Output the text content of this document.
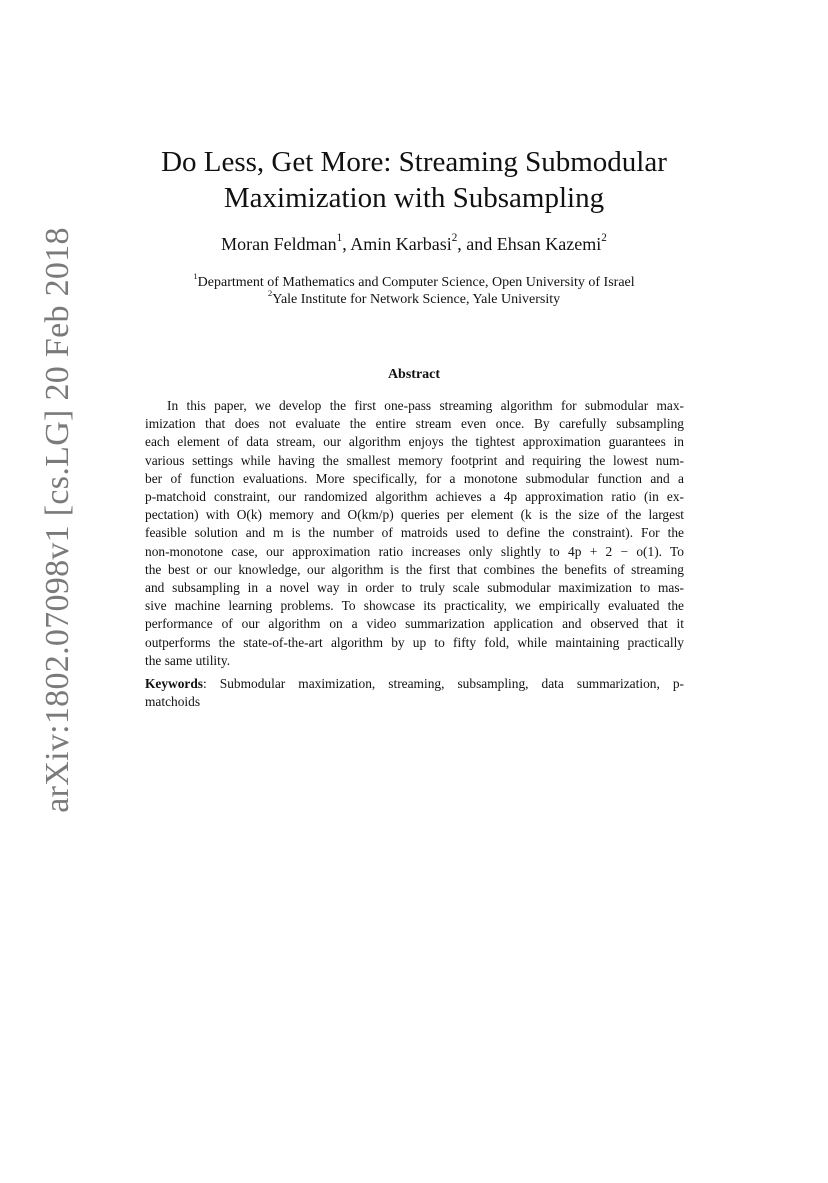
arXiv:1802.07098v1 [cs.LG] 20 Feb 2018
Do Less, Get More: Streaming Submodular
Maximization with Subsampling
Moran Feldman$^1$, Amin Karbasi$^2$, and Ehsan Kazemi$^2$
$^1$Department of Mathematics and Computer Science, Open University of Israel
$^2$Yale Institute for Network Science, Yale University
Abstract
In this paper, we develop the first one-pass streaming algorithm for submodular max-
imization that does not evaluate the entire stream even once. By carefully subsampling
each element of data stream, our algorithm enjoys the tightest approximation guarantees in
various settings while having the smallest memory footprint and requiring the lowest num-
ber of function evaluations. More specifically, for a monotone submodular function and a
p-matchoid constraint, our randomized algorithm achieves a 4p approximation ratio (in ex-
pectation) with O(k) memory and O(km/p) queries per element (k is the size of the largest
feasible solution and m is the number of matroids used to define the constraint). For the
non-monotone case, our approximation ratio increases only slightly to 4p + 2 − o(1). To
the best or our knowledge, our algorithm is the first that combines the benefits of streaming
and subsampling in a novel way in order to truly scale submodular maximization to mas-
sive machine learning problems. To showcase its practicality, we empirically evaluated the
performance of our algorithm on a video summarization application and observed that it
outperforms the state-of-the-art algorithm by up to fifty fold, while maintaining practically
the same utility.
Keywords: Submodular maximization, streaming, subsampling, data summarization, p-
matchoids
